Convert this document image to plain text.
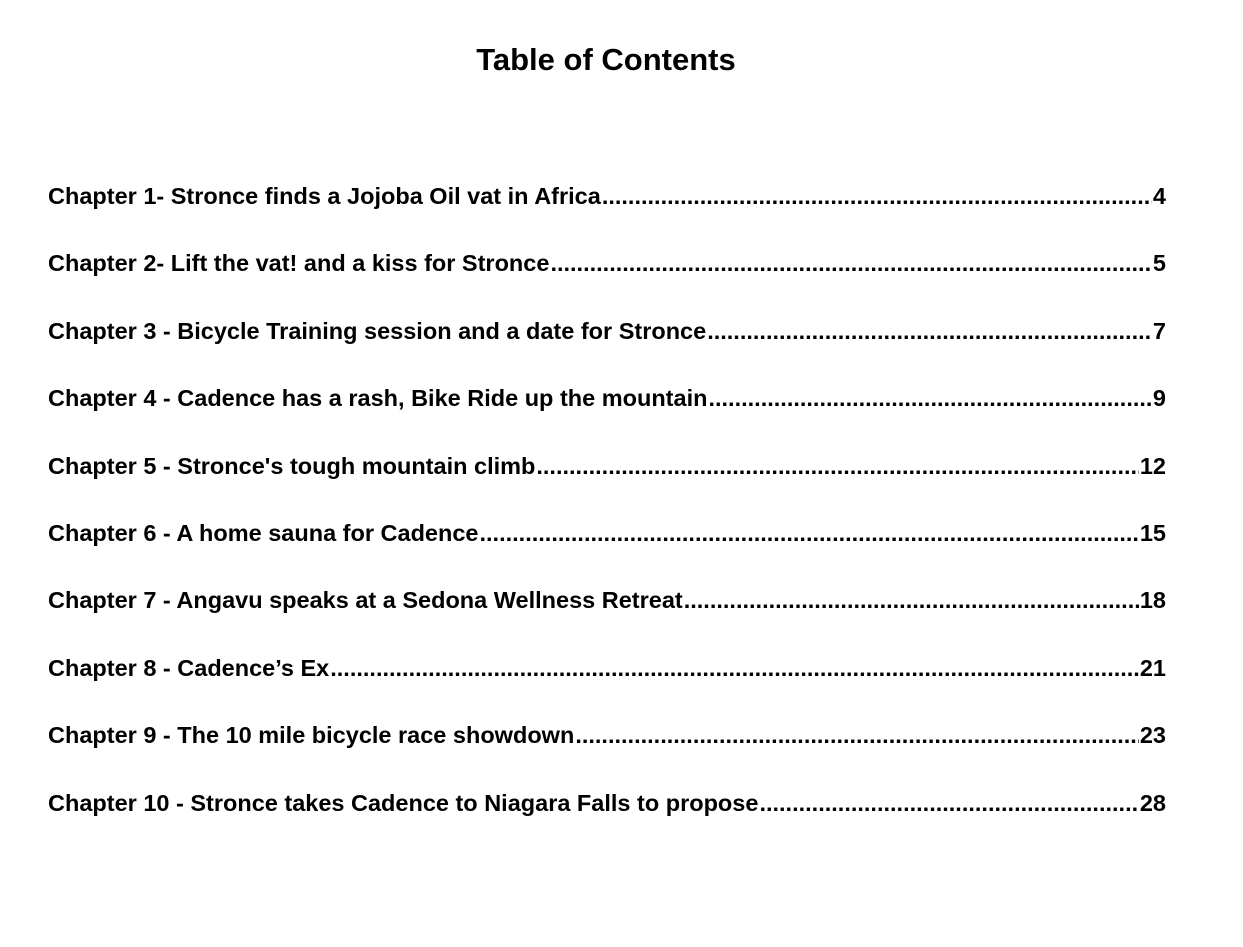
Table of Contents
Chapter 1- Stronce finds a Jojoba Oil vat in Africa .....	4
Chapter 2- Lift the vat! and a kiss for Stronce .....	5
Chapter 3 - Bicycle Training session and a date for Stronce .....	7
Chapter 4 - Cadence has a rash, Bike Ride up the mountain .....	9
Chapter 5 - Stronce's tough mountain climb .....	12
Chapter 6 - A home sauna for Cadence .....	15
Chapter 7 - Angavu speaks at a Sedona Wellness Retreat .....	18
Chapter 8 - Cadence’s Ex .....	21
Chapter 9 - The 10 mile bicycle race showdown .....	23
Chapter 10 - Stronce takes Cadence to Niagara Falls to propose .....	28
